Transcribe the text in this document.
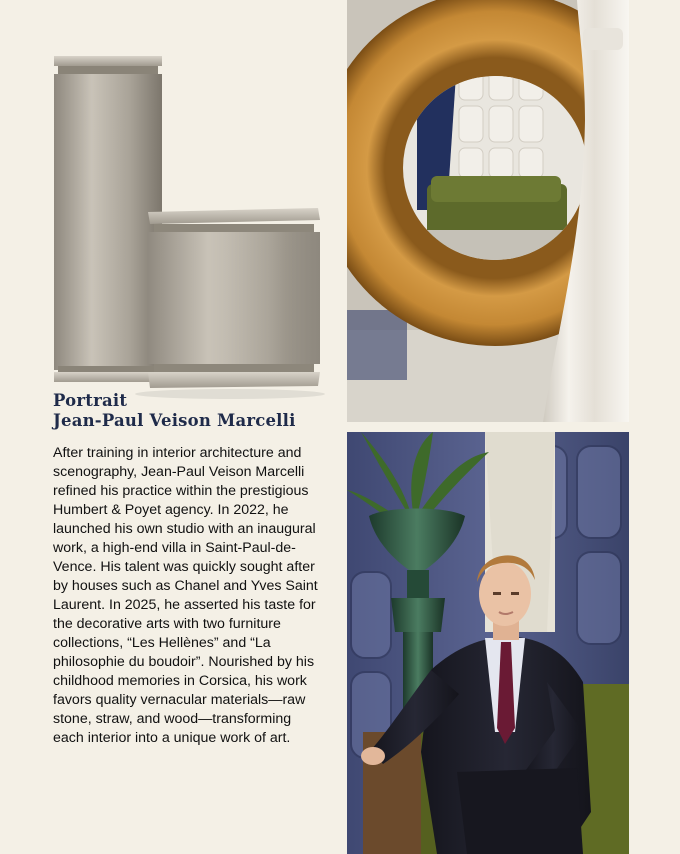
Portrait
Jean-Paul Veison Marcelli
After training in interior architecture and scenography, Jean-Paul Veison Marcelli refined his practice within the prestigious Humbert & Poyet agency. In 2022, he launched his own studio with an inaugural work, a high-end villa in Saint-Paul-de-Vence. His talent was quickly sought after by houses such as Chanel and Yves Saint Laurent. In 2025, he asserted his taste for the decorative arts with two furniture collections, “Les Hellènes” and “La philosophie du boudoir”. Nourished by his childhood memories in Corsica, his work favors quality vernacular materials—raw stone, straw, and wood—transforming each interior into a unique work of art.
